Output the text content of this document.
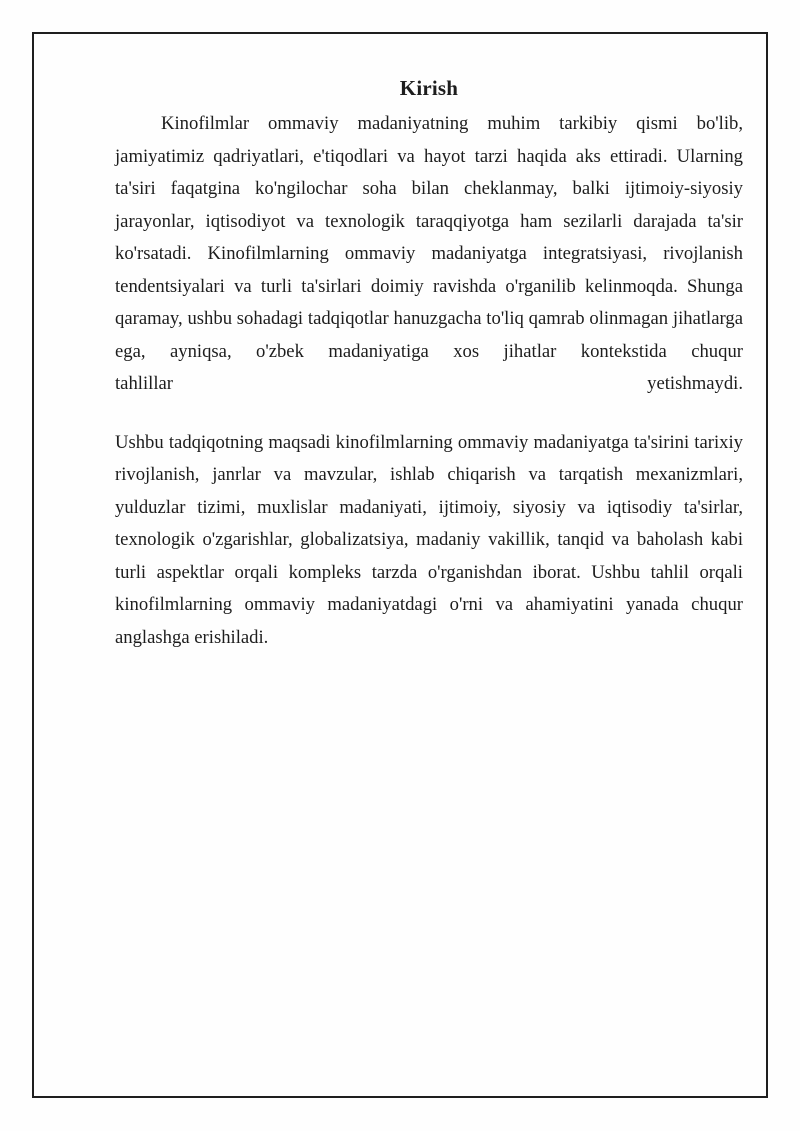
Kirish
Kinofilmlar ommaviy madaniyatning muhim tarkibiy qismi bo'lib, jamiyatimiz qadriyatlari, e'tiqodlari va hayot tarzi haqida aks ettiradi. Ularning ta'siri faqatgina ko'ngilochar soha bilan cheklanmay, balki ijtimoiy-siyosiy jarayonlar, iqtisodiyot va texnologik taraqqiyotga ham sezilarli darajada ta'sir ko'rsatadi. Kinofilmlarning ommaviy madaniyatga integratsiyasi, rivojlanish tendentsiyalari va turli ta'sirlari doimiy ravishda o'rganilib kelinmoqda. Shunga qaramay, ushbu sohadagi tadqiqotlar hanuzgacha to'liq qamrab olinmagan jihatlarga ega, ayniqsa, o'zbek madaniyatiga xos jihatlar kontekstida chuqur
tahlillar	yetishmaydi.
Ushbu tadqiqotning maqsadi kinofilmlarning ommaviy madaniyatga ta'sirini tarixiy rivojlanish, janrlar va mavzular, ishlab chiqarish va tarqatish mexanizmlari, yulduzlar tizimi, muxlislar madaniyati, ijtimoiy, siyosiy va iqtisodiy ta'sirlar, texnologik o'zgarishlar, globalizatsiya, madaniy vakillik, tanqid va baholash kabi turli aspektlar orqali kompleks tarzda o'rganishdan iborat. Ushbu tahlil orqali kinofilmlarning ommaviy madaniyatdagi o'rni va ahamiyatini yanada chuqur anglashga erishiladi.
